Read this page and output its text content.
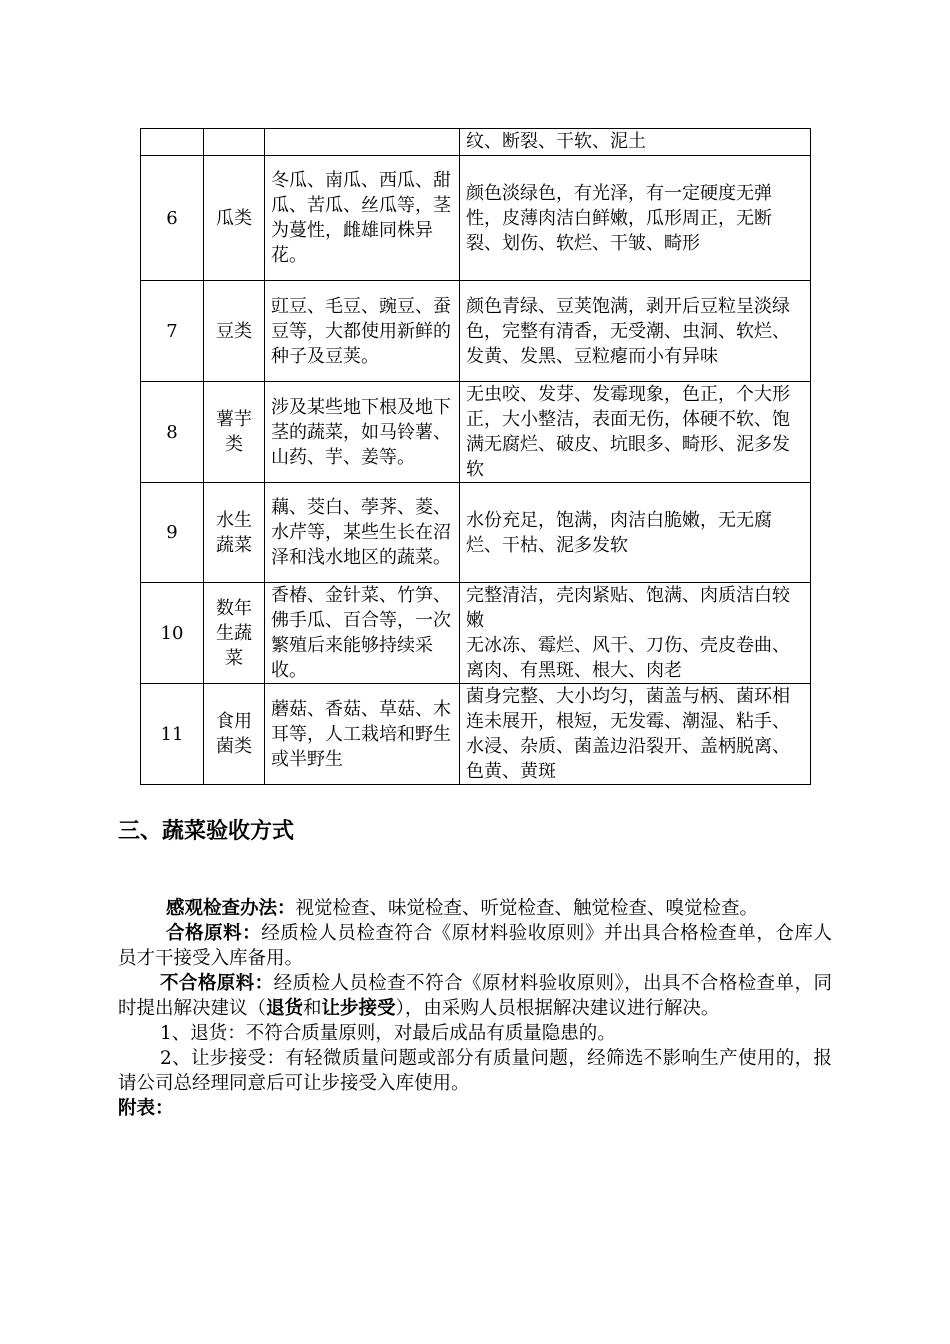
			纹、断裂、干软、泥土
6	瓜类	冬瓜、南瓜、西瓜、甜瓜、苦瓜、丝瓜等，茎为蔓性，雌雄同株异花。	颜色淡绿色，有光泽，有一定硬度无弹性，皮薄肉洁白鲜嫩，瓜形周正，无断裂、划伤、软烂、干皱、畸形
7	豆类	豇豆、毛豆、豌豆、蚕豆等，大都使用新鲜的种子及豆荚。	颜色青绿、豆荚饱满，剥开后豆粒呈淡绿色，完整有清香，无受潮、虫洞、软烂、发黄、发黑、豆粒瘪而小有异味
8	薯芋类	涉及某些地下根及地下茎的蔬菜，如马铃薯、山药、芋、姜等。	无虫咬、发芽、发霉现象，色正，个大形正，大小整洁，表面无伤，体硬不软、饱满无腐烂、破皮、坑眼多、畸形、泥多发软
9	水生蔬菜	藕、茭白、荸荠、菱、水芹等，某些生长在沼泽和浅水地区的蔬菜。	水份充足，饱满，肉洁白脆嫩，无无腐烂、干枯、泥多发软
10	数年生蔬菜	香椿、金针菜、竹笋、佛手瓜、百合等，一次繁殖后来能够持续采收。	完整清洁，壳肉紧贴、饱满、肉质洁白较嫩
无冰冻、霉烂、风干、刀伤、壳皮卷曲、离肉、有黑斑、根大、肉老

11	食用菌类	蘑菇、香菇、草菇、木耳等，人工栽培和野生或半野生	菌身完整、大小均匀，菌盖与柄、菌环相连未展开，根短，无发霉、潮湿、粘手、水浸、杂质、菌盖边沿裂开、盖柄脱离、色黄、黄斑
三、蔬菜验收方式

感观检查办法：视觉检查、味觉检查、听觉检查、触觉检查、嗅觉检查。

合格原料：经质检人员检查符合《原材料验收原则》并出具合格检查单，仓库人员才干接受入库备用。

不合格原料：经质检人员检查不符合《原材料验收原则》，出具不合格检查单，同时提出解决建议（退货和让步接受），由采购人员根据解决建议进行解决。

1、退货：不符合质量原则，对最后成品有质量隐患的。

2、让步接受：有轻微质量问题或部分有质量问题，经筛选不影响生产使用的，报请公司总经理同意后可让步接受入库使用。

附表：
